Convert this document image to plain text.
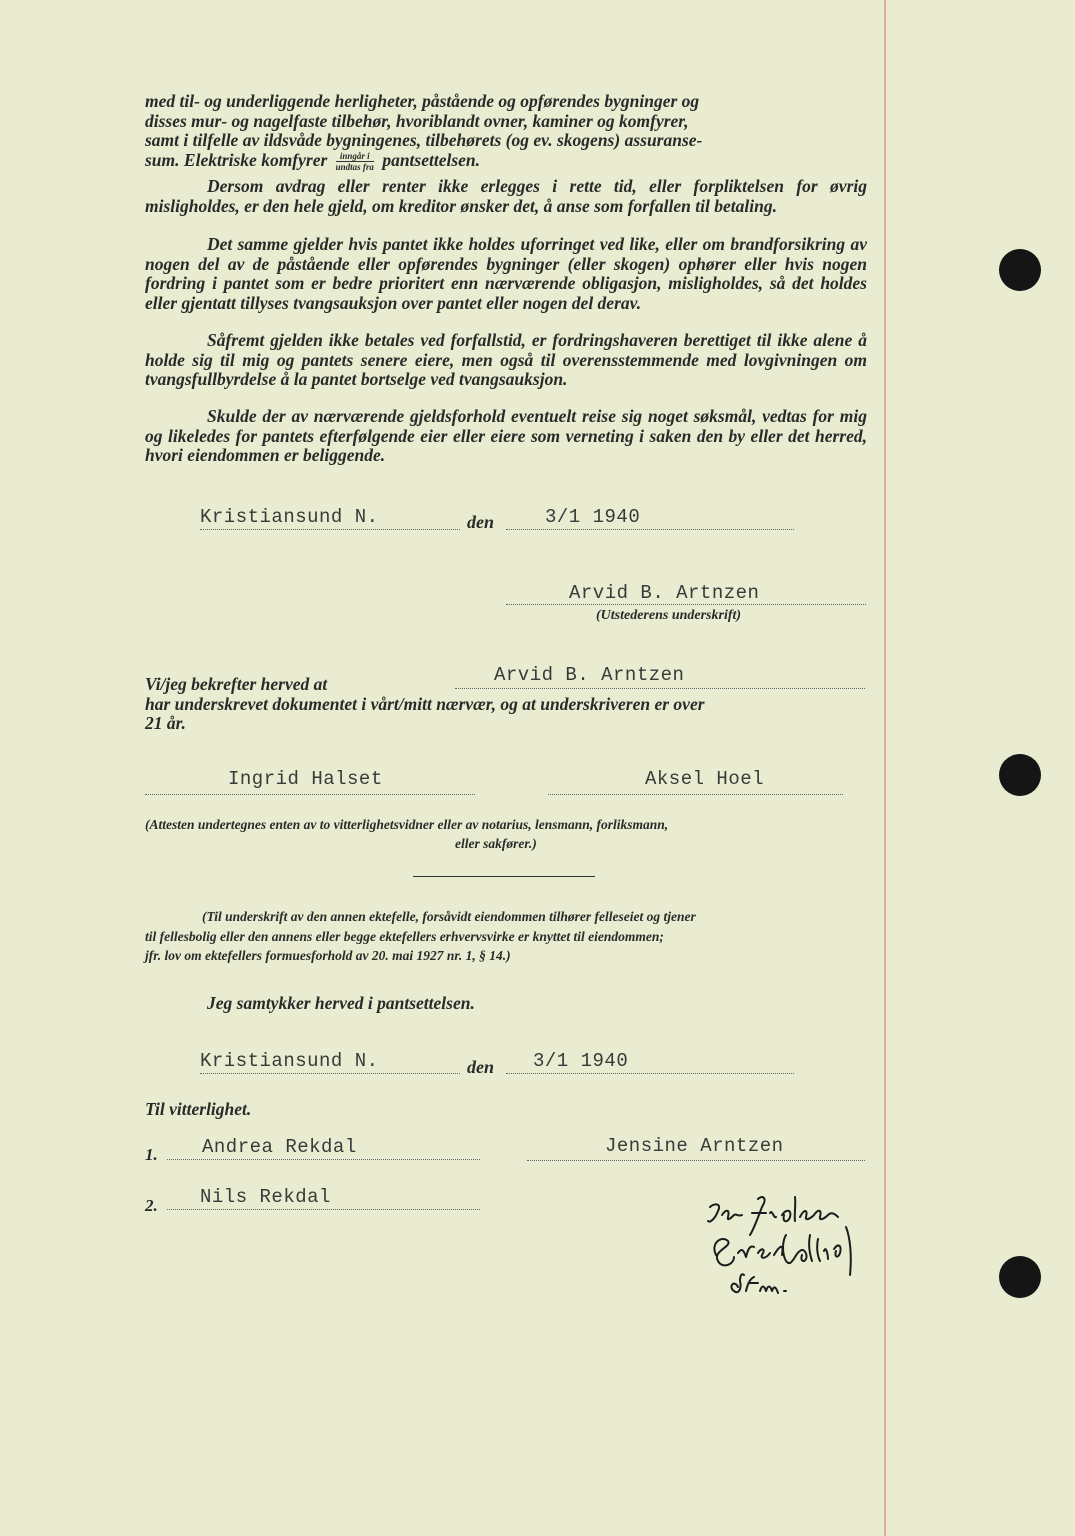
med til- og underliggende herligheter, påstående og opførendes bygninger og
disses mur- og nagelfaste tilbehør, hvoriblandt ovner, kaminer og komfyrer,
samt i tilfelle av ildsvåde bygningenes, tilbehørets (og ev. skogens) assuranse-
sum. Elektriske komfyrer $\frac{\text{inngår i}}{\text{undtas fra}}$ pantsettelsen.
Dersom avdrag eller renter ikke erlegges i rette tid, eller forpliktelsen for øvrig misligholdes, er den hele gjeld, om kreditor ønsker det, å anse som forfallen til betaling.
Det samme gjelder hvis pantet ikke holdes uforringet ved like, eller om brandforsikring av nogen del av de påstående eller opførendes bygninger (eller skogen) ophører eller hvis nogen fordring i pantet som er bedre prioritert enn nærværende obligasjon, misligholdes, så det holdes eller gjentatt tillyses tvangsauksjon over pantet eller nogen del derav.
Såfremt gjelden ikke betales ved forfallstid, er fordringshaveren berettiget til ikke alene å holde sig til mig og pantets senere eiere, men også til overensstemmende med lovgivningen om tvangsfullbyrdelse å la pantet bortselge ved tvangsauksjon.
Skulde der av nærværende gjeldsforhold eventuelt reise sig noget søksmål, vedtas for mig og likeledes for pantets efterfølgende eier eller eiere som verneting i saken den by eller det herred, hvori eiendommen er beliggende.
Kristiansund N.	den	3/1 1940
Arvid B. Artnzen
(Utstederens underskrift)
Vi/jeg bekrefter herved at	Arvid B. Arntzen
har underskrevet dokumentet i vårt/mitt nærvær, og at underskriveren er over
21 år.
Ingrid Halset	Aksel Hoel
(Attesten undertegnes enten av to vitterlighetsvidner eller av notarius, lensmann, forliksmann,
eller sakfører.)
(Til underskrift av den annen ektefelle, forsåvidt eiendommen tilhører felleseiet og tjener
til fellesbolig eller den annens eller begge ektefellers erhvervsvirke er knyttet til eiendommen;
jfr. lov om ektefellers formuesforhold av 20. mai 1927 nr. 1, § 14.)
Jeg samtykker herved i pantsettelsen.
Kristiansund N.	den 3/1 1940
Til vitterlighet.
1. Andrea Rekdal	Jensine Arntzen
2. Nils Rekdal
In fidem
